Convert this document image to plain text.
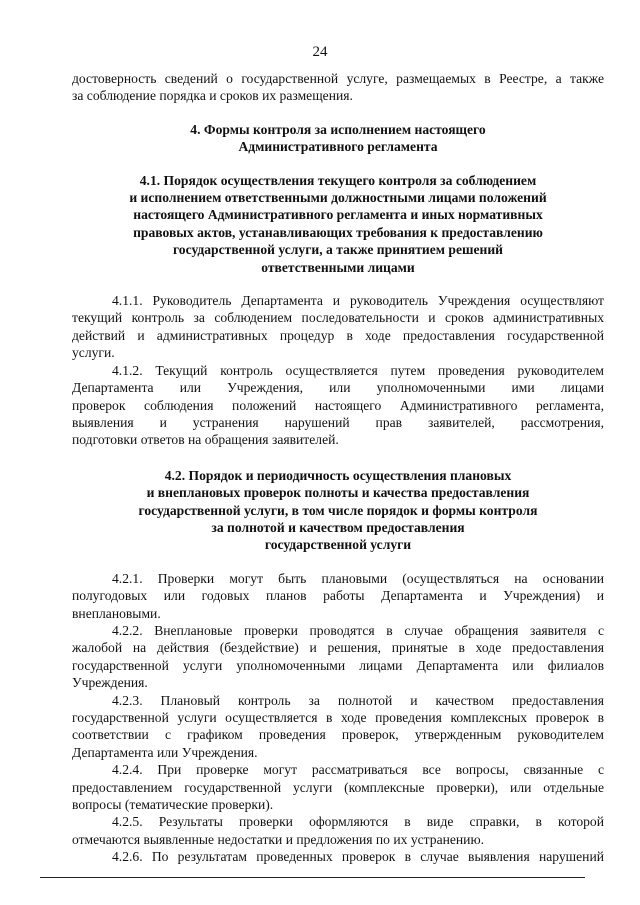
24
достоверность сведений о государственной услуге, размещаемых в Реестре, а также
за соблюдение порядка и сроков их размещения.
4. Формы контроля за исполнением настоящего
Административного регламента
4.1. Порядок осуществления текущего контроля за соблюдением
и исполнением ответственными должностными лицами положений
настоящего Административного регламента и иных нормативных
правовых актов, устанавливающих требования к предоставлению
государственной услуги, а также принятием решений
ответственными лицами
4.1.1. Руководитель Департамента и руководитель Учреждения осуществляют
текущий контроль за соблюдением последовательности и сроков административных
действий и административных процедур в ходе предоставления государственной
услуги.
4.1.2. Текущий контроль осуществляется путем проведения руководителем
Департамента или Учреждения, или уполномоченными ими лицами
проверок соблюдения положений настоящего Административного регламента,
выявления и устранения нарушений прав заявителей, рассмотрения,
подготовки ответов на обращения заявителей.
4.2. Порядок и периодичность осуществления плановых
и внеплановых проверок полноты и качества предоставления
государственной услуги, в том числе порядок и формы контроля
за полнотой и качеством предоставления
государственной услуги
4.2.1. Проверки могут быть плановыми (осуществляться на основании
полугодовых или годовых планов работы Департамента и Учреждения) и
внеплановыми.
4.2.2. Внеплановые проверки проводятся в случае обращения заявителя с
жалобой на действия (бездействие) и решения, принятые в ходе предоставления
государственной услуги уполномоченными лицами Департамента или филиалов
Учреждения.
4.2.3. Плановый контроль за полнотой и качеством предоставления
государственной услуги осуществляется в ходе проведения комплексных проверок в
соответствии с графиком проведения проверок, утвержденным руководителем
Департамента или Учреждения.
4.2.4. При проверке могут рассматриваться все вопросы, связанные с
предоставлением государственной услуги (комплексные проверки), или отдельные
вопросы (тематические проверки).
4.2.5. Результаты проверки оформляются в виде справки, в которой
отмечаются выявленные недостатки и предложения по их устранению.
4.2.6. По результатам проведенных проверок в случае выявления нарушений
